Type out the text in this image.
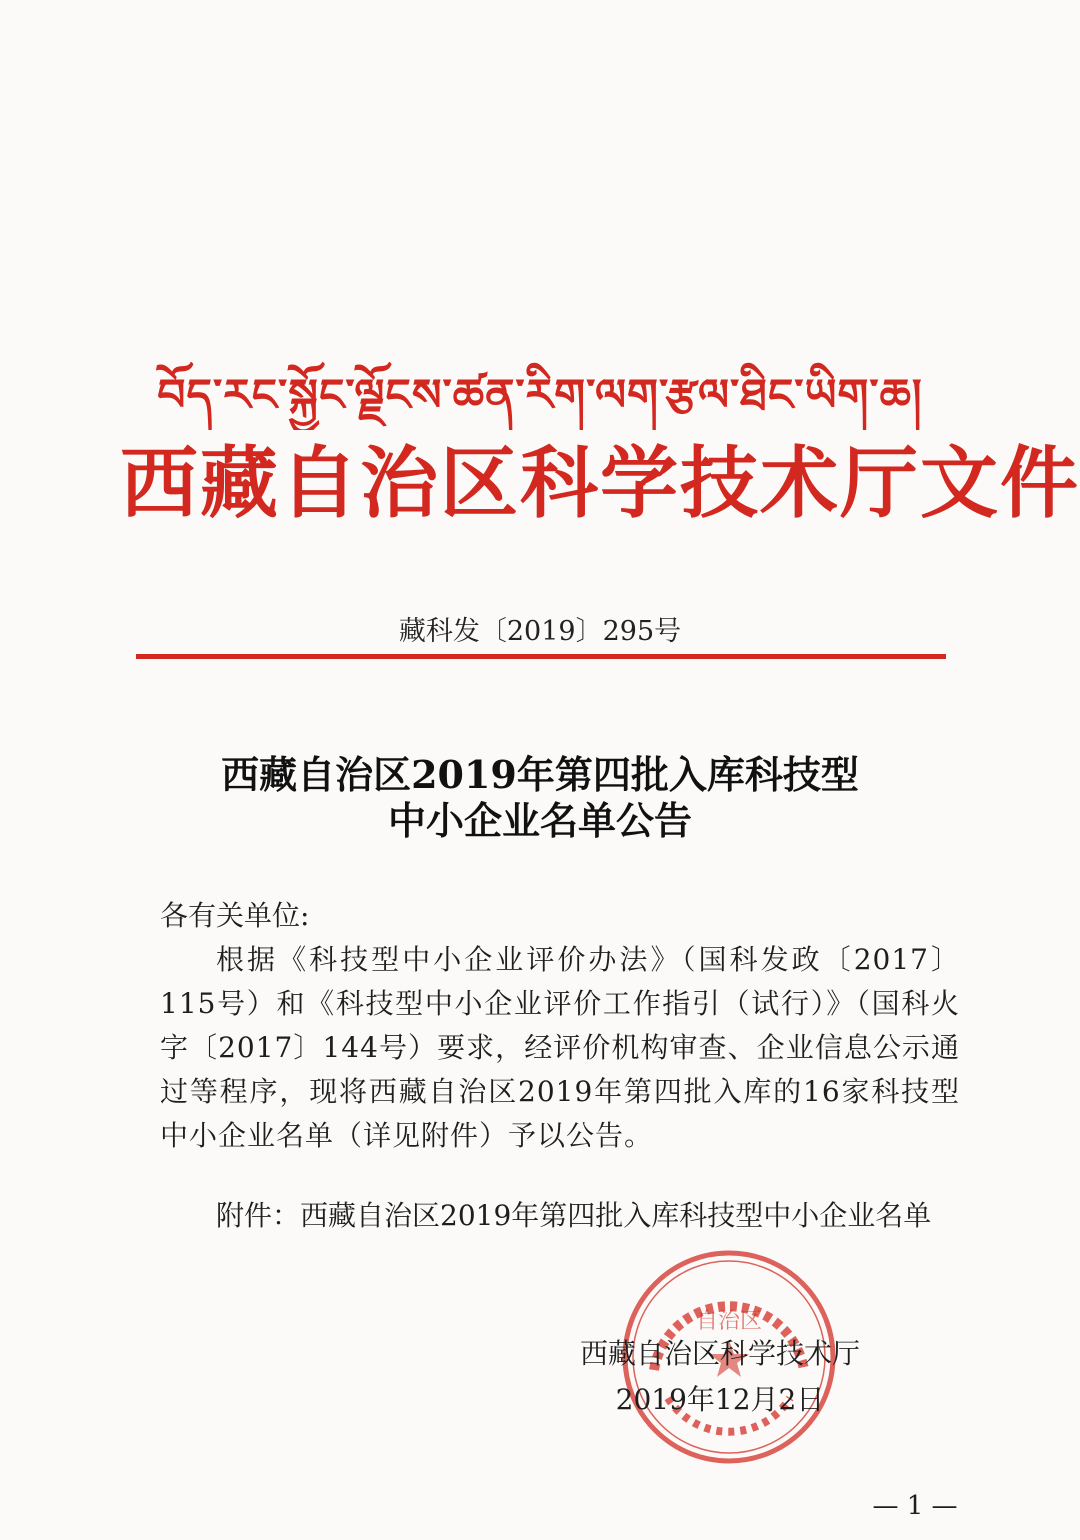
བོད་རང་སྐྱོང་ལྗོངས་ཚན་རིག་ལག་རྩལ་ཐིང་ཡིག་ཆ།
西藏自治区科学技术厅文件
藏科发〔2019〕295号
西藏自治区2019年第四批入库科技型
中小企业名单公告
各有关单位:
根据《科技型中小企业评价办法》（国科发政〔2017〕115号）和《科技型中小企业评价工作指引（试行）》（国科火字〔2017〕144号）要求，经评价机构审查、企业信息公示通过等程序，现将西藏自治区2019年第四批入库的16家科技型中小企业名单（详见附件）予以公告。
附件：西藏自治区2019年第四批入库科技型中小企业名单
自治区
西藏自治区科学技术厅
2019年12月2日
— 1 —
